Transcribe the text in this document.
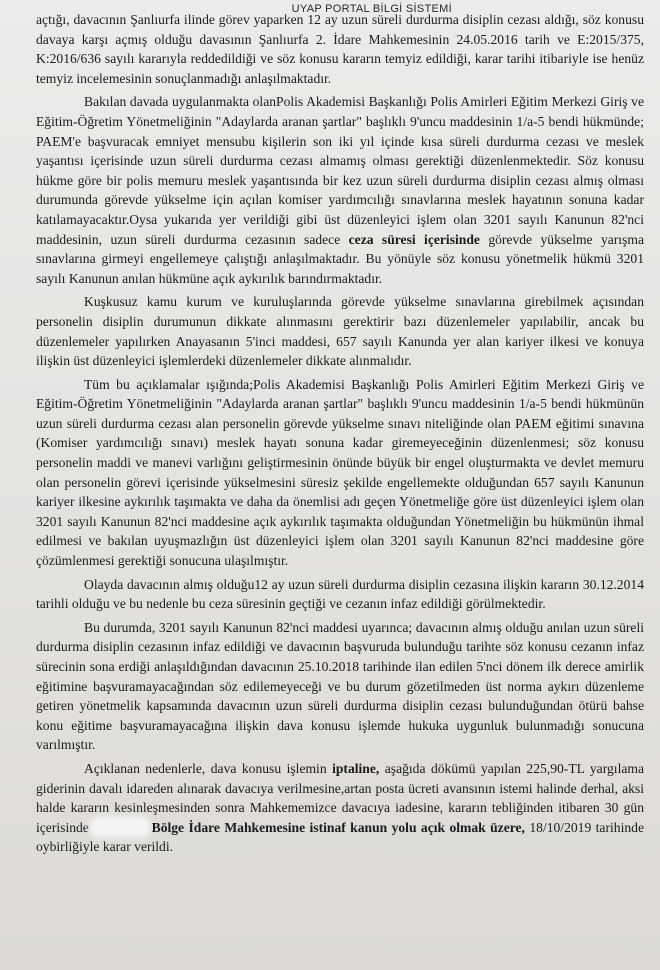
UYAP PORTAL BİLGİ SİSTEMİ

açtığı, davacının Şanlıurfa ilinde görev yaparken 12 ay uzun süreli durdurma disiplin cezası aldığı, söz konusu davaya karşı açmış olduğu davasının Şanlıurfa 2. İdare Mahkemesinin 24.05.2016 tarih ve E:2015/375, K:2016/636 sayılı kararıyla reddedildiği ve söz konusu kararın temyiz edildiği, karar tarihi itibariyle ise henüz temyiz incelemesinin sonuçlanmadığı anlaşılmaktadır.

Bakılan davada uygulanmakta olanPolis Akademisi Başkanlığı Polis Amirleri Eğitim Merkezi Giriş ve Eğitim-Öğretim Yönetmeliğinin "Adaylarda aranan şartlar" başlıklı 9'uncu maddesinin 1/a-5 bendi hükmünde; PAEM'e başvuracak emniyet mensubu kişilerin son iki yıl içinde kısa süreli durdurma cezası ve meslek yaşantısı içerisinde uzun süreli durdurma cezası almamış olması gerektiği düzenlenmektedir. Söz konusu hükme göre bir polis memuru meslek yaşantısında bir kez uzun süreli durdurma disiplin cezası almış olması durumunda görevde yükselme için açılan komiser yardımcılığı sınavlarına meslek hayatının sonuna kadar katılamayacaktır.Oysa yukarıda yer verildiği gibi üst düzenleyici işlem olan 3201 sayılı Kanunun 82'nci maddesinin, uzun süreli durdurma cezasının sadece ceza süresi içerisinde görevde yükselme yarışma sınavlarına girmeyi engellemeye çalıştığı anlaşılmaktadır. Bu yönüyle söz konusu yönetmelik hükmü 3201 sayılı Kanunun anılan hükmüne açık aykırılık barındırmaktadır.

Kuşkusuz kamu kurum ve kuruluşlarında görevde yükselme sınavlarına girebilmek açısından personelin disiplin durumunun dikkate alınmasını gerektirir bazı düzenlemeler yapılabilir, ancak bu düzenlemeler yapılırken Anayasanın 5'inci maddesi, 657 sayılı Kanunda yer alan kariyer ilkesi ve konuya ilişkin üst düzenleyici işlemlerdeki düzenlemeler dikkate alınmalıdır.

Tüm bu açıklamalar ışığında;Polis Akademisi Başkanlığı Polis Amirleri Eğitim Merkezi Giriş ve Eğitim-Öğretim Yönetmeliğinin "Adaylarda aranan şartlar" başlıklı 9'uncu maddesinin 1/a-5 bendi hükmünün uzun süreli durdurma cezası alan personelin görevde yükselme sınavı niteliğinde olan PAEM eğitimi sınavına (Komiser yardımcılığı sınavı) meslek hayatı sonuna kadar giremeyeceğinin düzenlenmesi; söz konusu personelin maddi ve manevi varlığını geliştirmesinin önünde büyük bir engel oluşturmakta ve devlet memuru olan personelin görevi içerisinde yükselmesini süresiz şekilde engellemekte olduğundan 657 sayılı Kanunun kariyer ilkesine aykırılık taşımakta ve daha da önemlisi adı geçen Yönetmeliğe göre üst düzenleyici işlem olan 3201 sayılı Kanunun 82'nci maddesine açık aykırılık taşımakta olduğundan Yönetmeliğin bu hükmünün ihmal edilmesi ve bakılan uyuşmazlığın üst düzenleyici işlem olan 3201 sayılı Kanunun 82'nci maddesine göre çözümlenmesi gerektiği sonucuna ulaşılmıştır.

Olayda davacının almış olduğu12 ay uzun süreli durdurma disiplin cezasına ilişkin kararın 30.12.2014 tarihli olduğu ve bu nedenle bu ceza süresinin geçtiği ve cezanın infaz edildiği görülmektedir.

Bu durumda, 3201 sayılı Kanunun 82'nci maddesi uyarınca; davacının almış olduğu anılan uzun süreli durdurma disiplin cezasının infaz edildiği ve davacının başvuruda bulunduğu tarihte söz konusu cezanın infaz sürecinin sona erdiği anlaşıldığından davacının 25.10.2018 tarihinde ilan edilen 5'nci dönem ilk derece amirlik eğitimine başvuramayacağından söz edilemeyeceği ve bu durum gözetilmeden üst norma aykırı düzenleme getiren yönetmelik kapsamında davacının uzun süreli durdurma disiplin cezası bulunduğundan ötürü bahse konu eğitime başvuramayacağına ilişkin dava konusu işlemde hukuka uygunluk bulunmadığı sonucuna varılmıştır.

Açıklanan nedenlerle, dava konusu işlemin iptaline, aşağıda dökümü yapılan 225,90-TL yargılama giderinin davalı idareden alınarak davacıya verilmesine,artan posta ücreti avansının istemi halinde derhal, aksi halde kararın kesinleşmesinden sonra Mahkememizce davacıya iadesine, kararın tebliğinden itibaren 30 gün içerisinde	Bölge İdare Mahkemesine istinaf kanun yolu açık olmak üzere, 18/10/2019 tarihinde oybirliğiyle karar verildi.
